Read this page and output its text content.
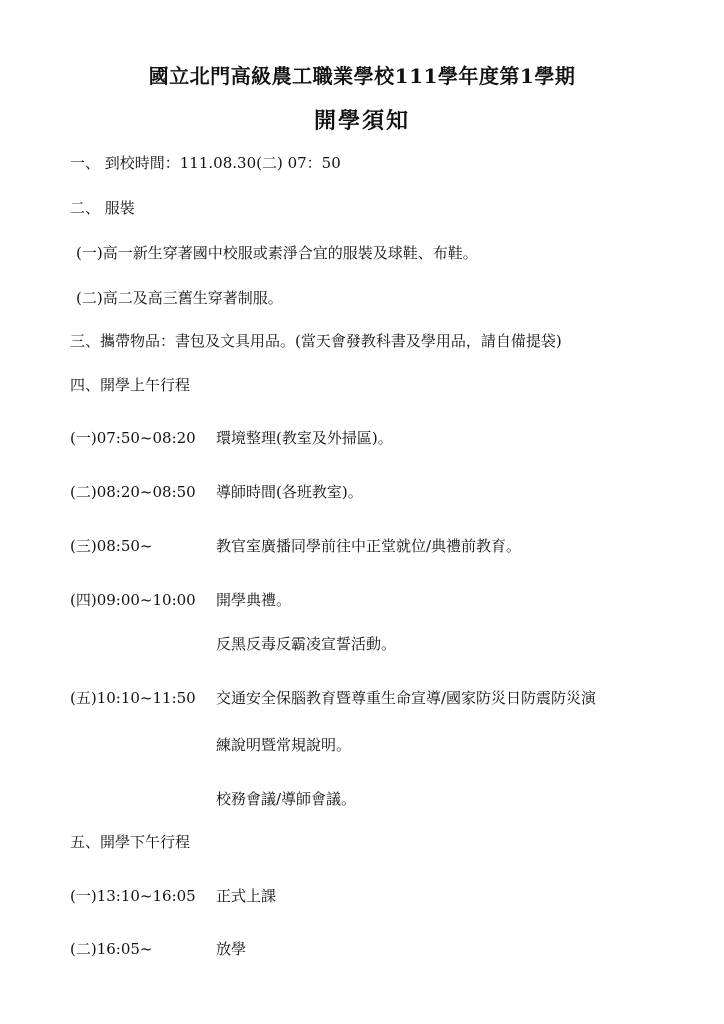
國立北門高級農工職業學校111學年度第1學期
開學須知
一、 到校時間：111.08.30(二) 07：50
二、 服裝
(一)高一新生穿著國中校服或素淨合宜的服裝及球鞋、布鞋。
(二)高二及高三舊生穿著制服。
三、攜帶物品：書包及文具用品。(當天會發教科書及學用品，請自備提袋)
四、開學上午行程
(一)07:50~08:20 環境整理(教室及外掃區)。
(二)08:20~08:50 導師時間(各班教室)。
(三)08:50~	教官室廣播同學前往中正堂就位/典禮前教育。
(四)09:00~10:00 開學典禮。
反黑反毒反霸凌宣誓活動。
(五)10:10~11:50 交通安全保腦教育暨尊重生命宣導/國家防災日防震防災演
練說明暨常規說明。
校務會議/導師會議。
五、開學下午行程
(一)13:10~16:05 正式上課
(二)16:05~	放學
